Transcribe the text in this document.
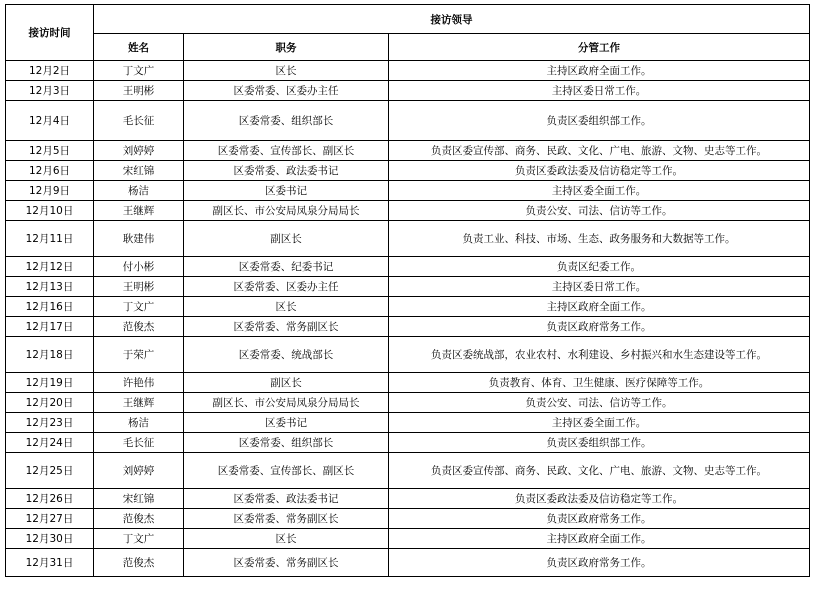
接访时间	接访领导		
	姓名	职务	分管工作
12月2日	丁文广	区长	主持区政府全面工作。
12月3日	王明彬	区委常委、区委办主任	主持区委日常工作。
12月4日	毛长征	区委常委、组织部长	负责区委组织部工作。
12月5日	刘婷婷	区委常委、宣传部长、副区长	负责区委宣传部、商务、民政、文化、广电、旅游、文物、史志等工作。
12月6日	宋红锦	区委常委、政法委书记	负责区委政法委及信访稳定等工作。
12月9日	杨洁	区委书记	主持区委全面工作。
12月10日	王继辉	副区长、市公安局凤泉分局局长	负责公安、司法、信访等工作。
12月11日	耿建伟	副区长	负责工业、科技、市场、生态、政务服务和大数据等工作。
12月12日	付小彬	区委常委、纪委书记	负责区纪委工作。
12月13日	王明彬	区委常委、区委办主任	主持区委日常工作。
12月16日	丁文广	区长	主持区政府全面工作。
12月17日	范俊杰	区委常委、常务副区长	负责区政府常务工作。
12月18日	于荣广	区委常委、统战部长	负责区委统战部，农业农村、水利建设、乡村振兴和水生态建设等工作。
12月19日	许艳伟	副区长	负责教育、体育、卫生健康、医疗保障等工作。
12月20日	王继辉	副区长、市公安局凤泉分局局长	负责公安、司法、信访等工作。
12月23日	杨洁	区委书记	主持区委全面工作。
12月24日	毛长征	区委常委、组织部长	负责区委组织部工作。
12月25日	刘婷婷	区委常委、宣传部长、副区长	负责区委宣传部、商务、民政、文化、广电、旅游、文物、史志等工作。
12月26日	宋红锦	区委常委、政法委书记	负责区委政法委及信访稳定等工作。
12月27日	范俊杰	区委常委、常务副区长	负责区政府常务工作。
12月30日	丁文广	区长	主持区政府全面工作。
12月31日	范俊杰	区委常委、常务副区长	负责区政府常务工作。
